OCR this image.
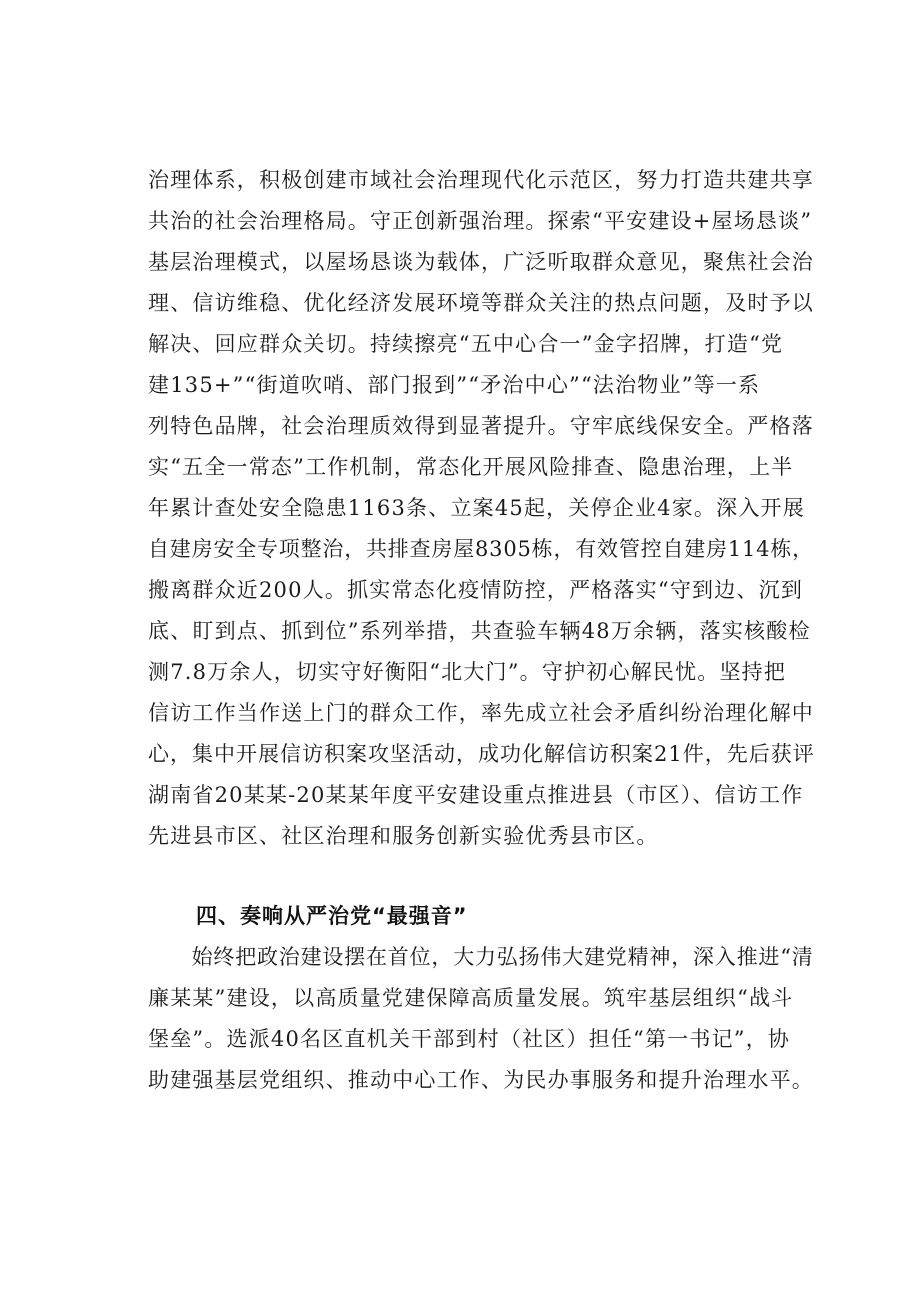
治理体系，积极创建市域社会治理现代化示范区，努力打造共建共享
共治的社会治理格局。守正创新强治理。探索“平安建设+屋场恳谈”
基层治理模式，以屋场恳谈为载体，广泛听取群众意见，聚焦社会治
理、信访维稳、优化经济发展环境等群众关注的热点问题，及时予以
解决、回应群众关切。持续擦亮“五中心合一”金字招牌，打造“党
建135+”“街道吹哨、部门报到”“矛治中心”“法治物业”等一系
列特色品牌，社会治理质效得到显著提升。守牢底线保安全。严格落
实“五全一常态”工作机制，常态化开展风险排查、隐患治理，上半
年累计查处安全隐患1163条、立案45起，关停企业4家。深入开展
自建房安全专项整治，共排查房屋8305栋，有效管控自建房114栋，
搬离群众近200人。抓实常态化疫情防控，严格落实“守到边、沉到
底、盯到点、抓到位”系列举措，共查验车辆48万余辆，落实核酸检
测7.8万余人，切实守好衡阳“北大门”。守护初心解民忧。坚持把
信访工作当作送上门的群众工作，率先成立社会矛盾纠纷治理化解中
心，集中开展信访积案攻坚活动，成功化解信访积案21件，先后获评
湖南省20某某-20某某年度平安建设重点推进县（市区）、信访工作
先进县市区、社区治理和服务创新实验优秀县市区。
四、奏响从严治党“最强音”
　　始终把政治建设摆在首位，大力弘扬伟大建党精神，深入推进“清
廉某某”建设，以高质量党建保障高质量发展。筑牢基层组织“战斗
堡垒”。选派40名区直机关干部到村（社区）担任“第一书记”，协
助建强基层党组织、推动中心工作、为民办事服务和提升治理水平。
